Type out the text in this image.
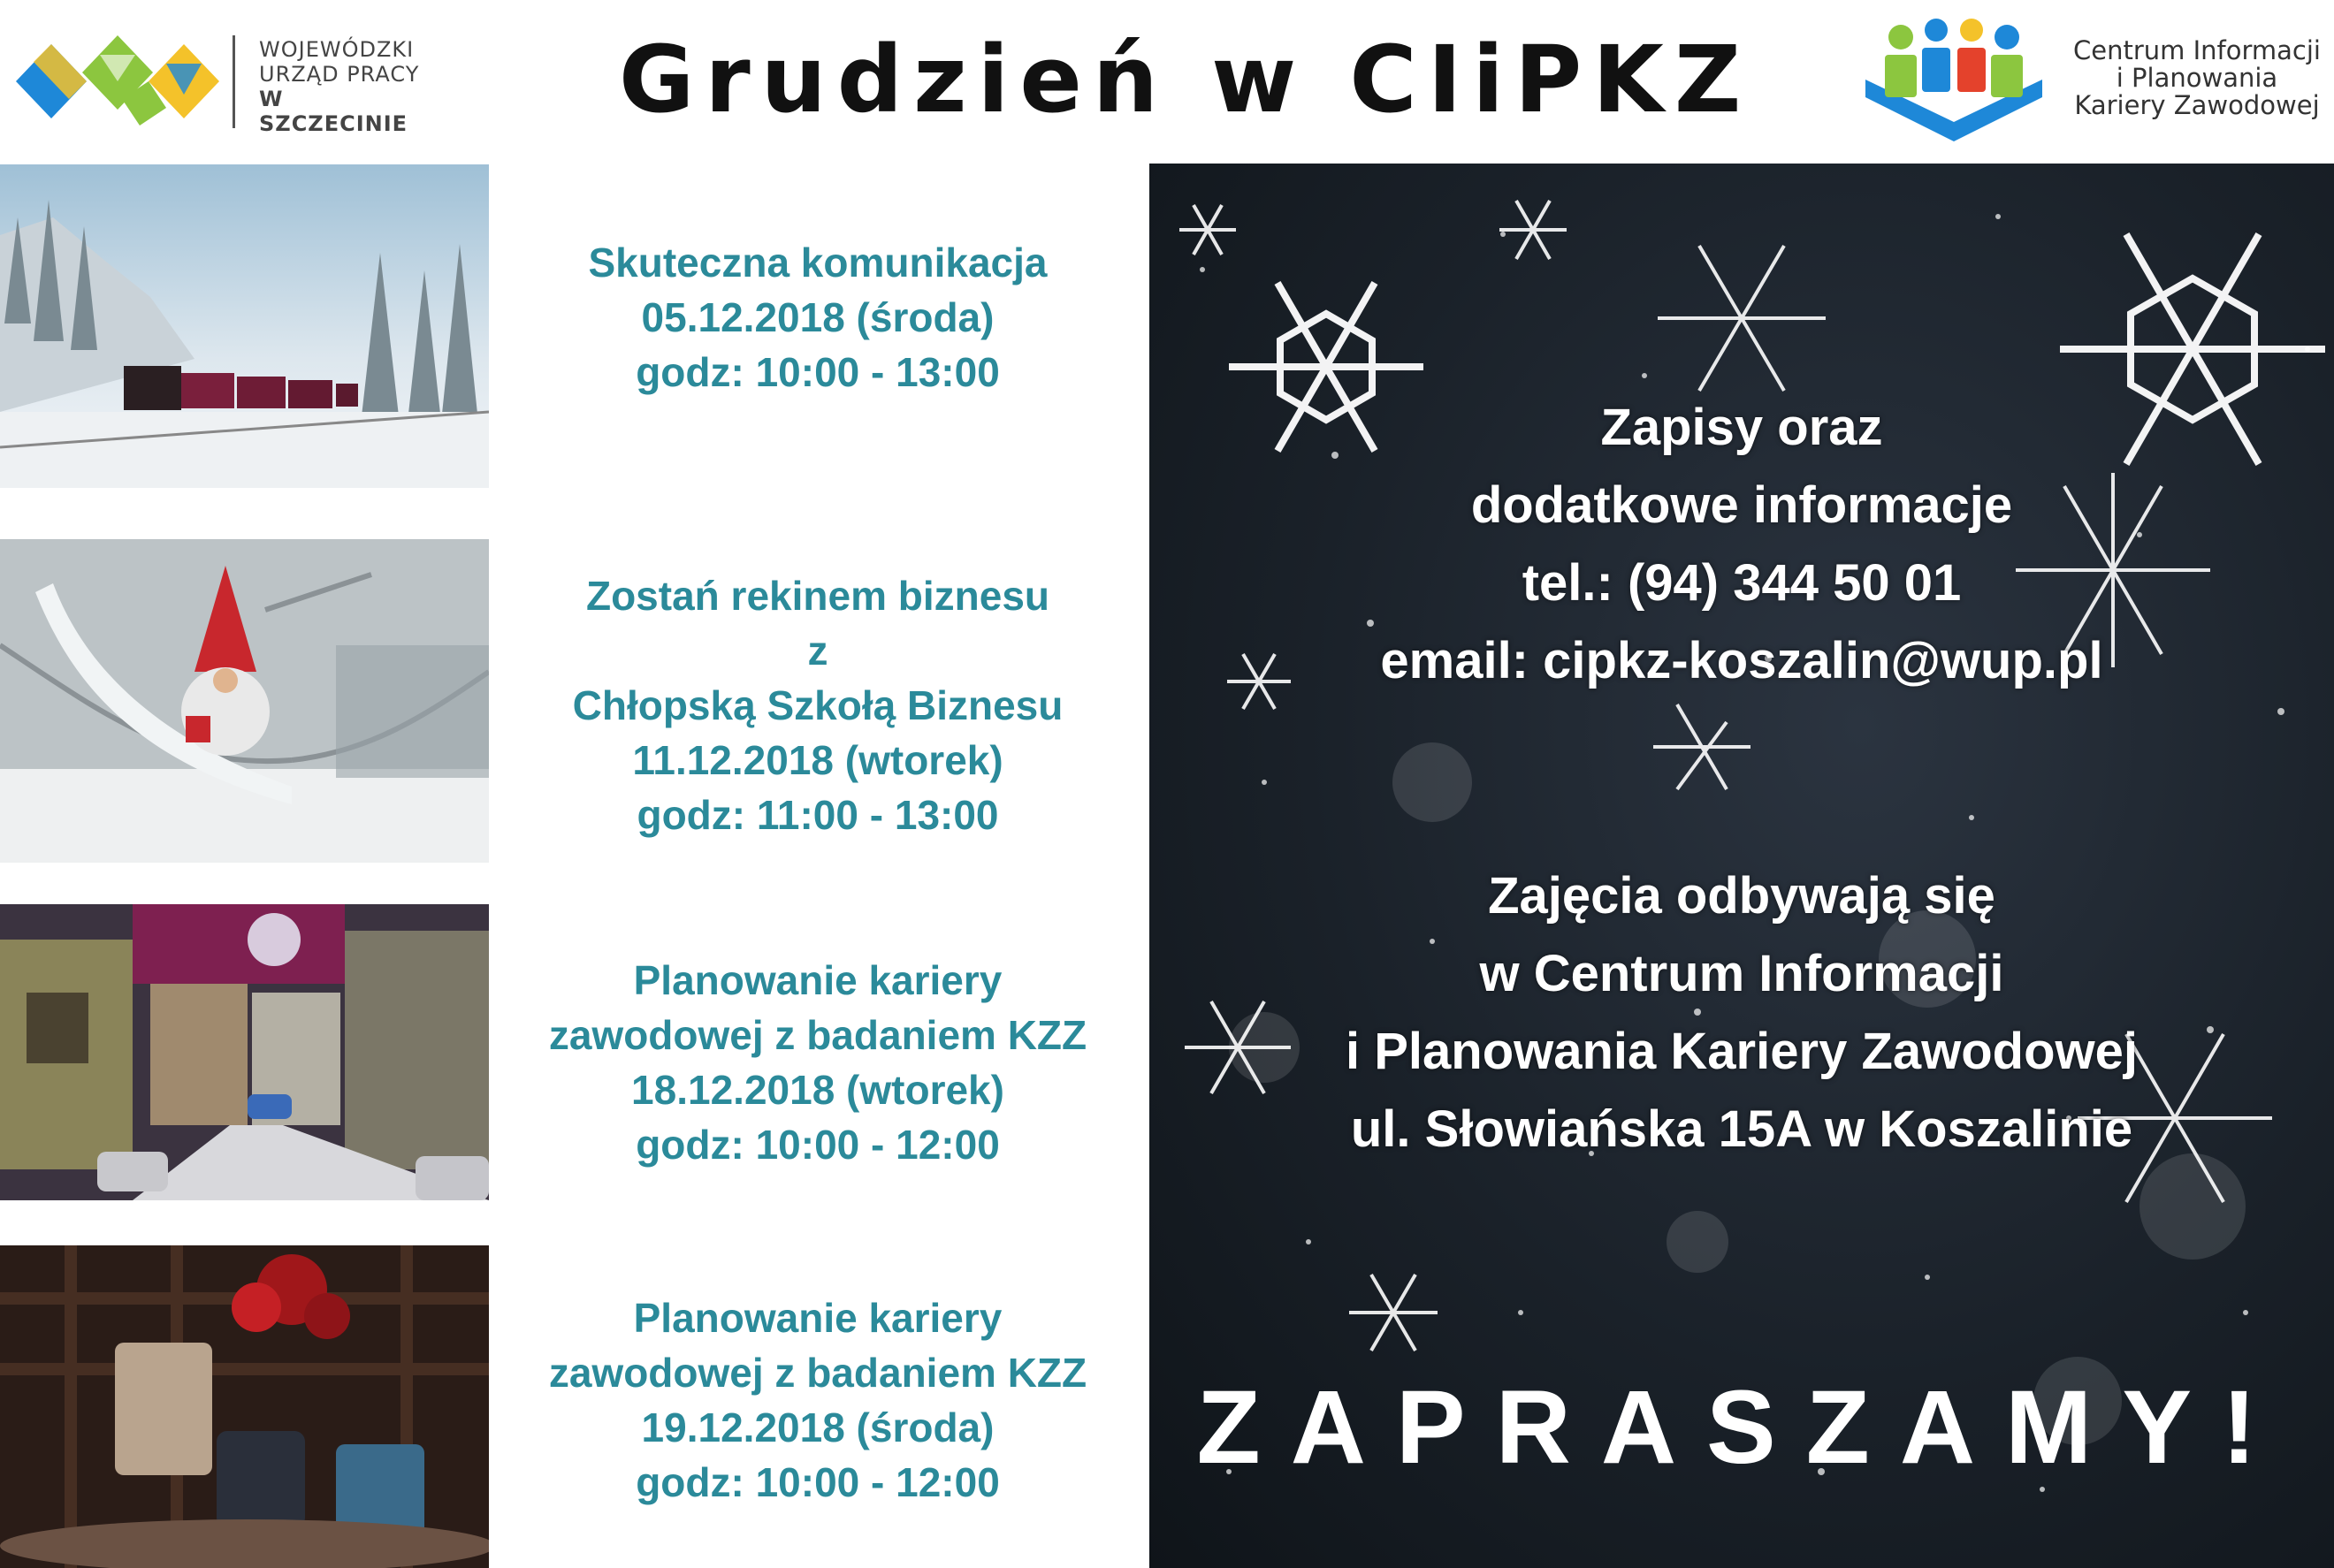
WOJEWÓDZKI
URZĄD PRACY
W SZCZECINIE Grudzień w CIiPKZ	Centrum Informacji
i Planowania
Kariery Zawodowej
Skuteczna komunikacja
05.12.2018 (środa)
godz: 10:00 - 13:00
Zostań rekinem biznesu
z
Chłopską Szkołą Biznesu
11.12.2018 (wtorek)
godz: 11:00 - 13:00
Planowanie kariery
zawodowej z badaniem KZZ
18.12.2018 (wtorek)
godz: 10:00 - 12:00
Planowanie kariery
zawodowej z badaniem KZZ
19.12.2018 (środa)
godz: 10:00 - 12:00
Zapisy oraz
dodatkowe informacje
tel.: (94) 344 50 01
email: cipkz-koszalin@wup.pl
Zajęcia odbywają się
w Centrum Informacji
i Planowania Kariery Zawodowej
ul. Słowiańska 15A w Koszalinie
ZAPRASZAMY!
